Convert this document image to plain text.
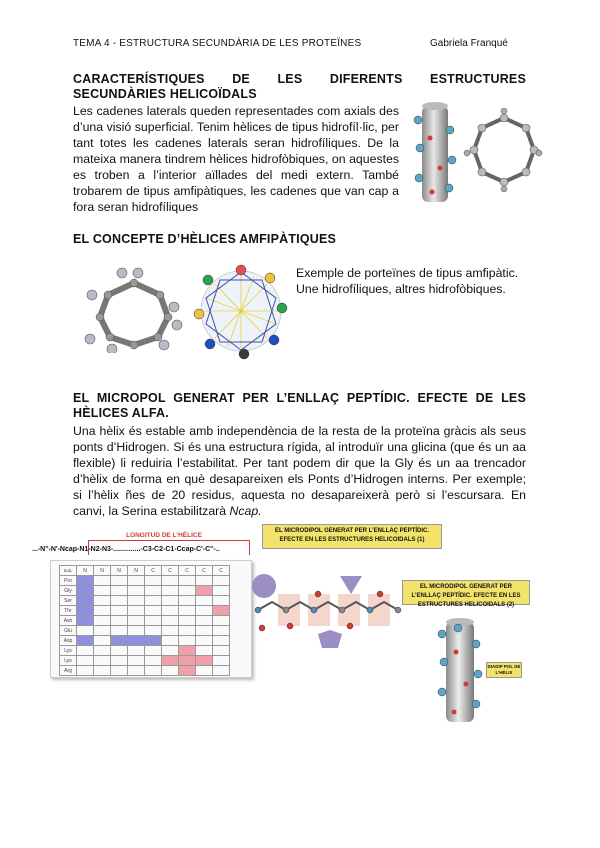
TEMA 4 - ESTRUCTURA SECUNDÀRIA DE LES PROTEÏNES	Gabriela Franqué
CARACTERÍSTIQUES DE LES DIFERENTS ESTRUCTURES SECUNDÀRIES HELICOÏDALS
Les cadenes laterals queden representades com axials des d’una visió superficial. Tenim hèlices de tipus hidrofíl·lic, per tant totes les cadenes laterals seran hidrofíliques. De la mateixa manera tindrem hèlices hidrofòbiques, on aquestes es troben a l’interior aïllades del medi extern. També trobarem de tipus amfipàtiques, les cadenes que van cap a fora seran hidrofíliques
EL CONCEPTE D’HÈLICES AMFIPÀTIQUES
Exemple de porteïnes de tipus amfipàtic. Une hidrofíliques, altres hidrofòbiques.
EL MICROPOL GENERAT PER L’ENLLAÇ PEPTÍDIC. EFECTE DE LES HÈLICES ALFA.
Una hèlix és estable amb independència de la resta de la proteïna gràcis als seus ponts d’Hidrogen. Si és una estructura rígida, al introduïr una glicina (que és un aa flexible) li reduiria l’estabilitat. Per tant podem dir que la Gly és un aa trencador d’hèlix de forma en què desapareixen els Ponts d’Hidrogen interns. Per exemple; si l’hèlix ñes de 20 residus, aquesta no desapareixerà però si l’escursara. En canvi, la Serina estabilitzarà Ncap.
LONGITUD DE L’HÈLICE
...-N''-N'-Ncap-N1-N2-N3-..............-C3-C2-C1-Ccap-C'-C''-..
a.a.	N	N	N	N	C	C	C	C	C
Pro									
Gly									
Ser									
Thr									
Asn									
Glu									
Asp									
Lys									
Lys									
Arg									
EL MICRODIPOL GENERAT PER L’ENLLAÇ PEPTÍDIC. EFECTE EN LES ESTRUCTURES HELICOIDALS (1)
EL MICRODIPOL GENERAT PER L’ENLLAÇ PEPTÍDIC. EFECTE EN LES ESTRUCTURES HELICOIDALS (2)
DIADIP POL DE L’HÈLIX
